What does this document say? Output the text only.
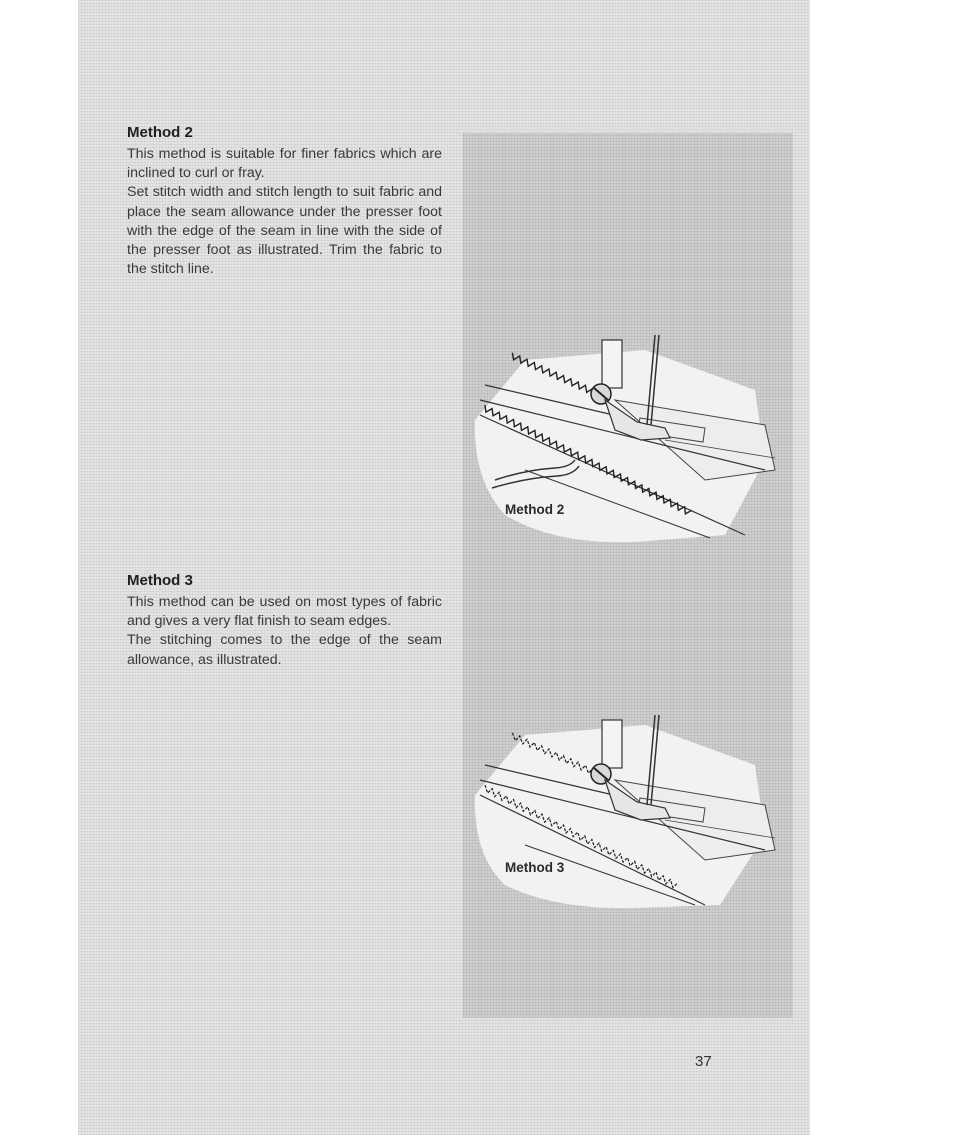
Method 2

This method is suitable for finer fabrics which are inclined to curl or fray.

Set stitch width and stitch length to suit fabric and place the seam allowance under the presser foot with the edge of the seam in line with the side of the presser foot as illustrated. Trim the fabric to the stitch line.

Method 3

This method can be used on most types of fabric and gives a very flat finish to seam edges.

The stitching comes to the edge of the seam allowance, as illustrated.

Method 2
Method 3
37
